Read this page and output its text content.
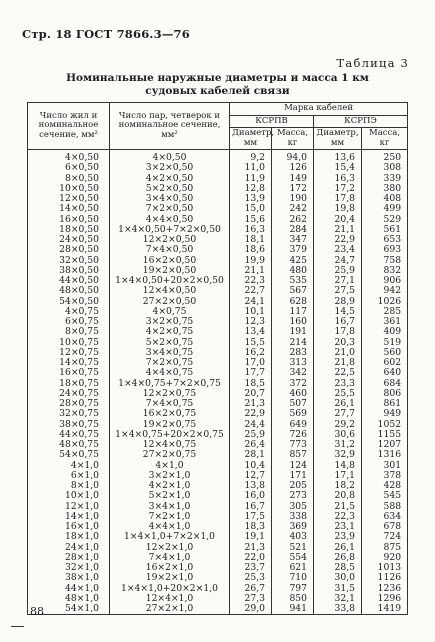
Стр. 18 ГОСТ 7866.3—76
Таблица 3
Номинальные наружные диаметры и масса 1 км
судовых кабелей связи
Число жил и номинальное сечение, мм²	Число пар, четверок и номинальное сечение, мм²	Марка кабелей			
		КСРПВ		КСРПЭ	
		Диаметр, мм	Масса, кг	Диаметр, мм	Масса, кг
4×0,50	4×0,50	9,2	94,0	13,6	250
6×0,50	3×2×0,50	11,0	126	15,4	308
8×0,50	4×2×0,50	11,9	149	16,3	339
10×0,50	5×2×0,50	12,8	172	17,2	380
12×0,50	3×4×0,50	13,9	190	17,8	408
14×0,50	7×2×0,50	15,0	242	19,8	499
16×0,50	4×4×0,50	15,6	262	20,4	529
18×0,50	1×4×0,50+7×2×0,50	16,3	284	21,1	561
24×0,50	12×2×0,50	18,1	347	22,9	653
28×0,50	7×4×0,50	18,6	379	23,4	693
32×0,50	16×2×0,50	19,9	425	24,7	758
38×0,50	19×2×0,50	21,1	480	25,9	832
44×0,50	1×4×0,50+20×2×0,50	22,3	535	27,1	906
48×0,50	12×4×0,50	22,7	567	27,5	942
54×0,50	27×2×0,50	24,1	628	28,9	1026
4×0,75	4×0,75	10,1	117	14,5	285
6×0,75	3×2×0,75	12,3	160	16,7	361
8×0,75	4×2×0,75	13,4	191	17,8	409
10×0,75	5×2×0,75	15,5	214	20,3	519
12×0,75	3×4×0,75	16,2	283	21,0	560
14×0,75	7×2×0,75	17,0	313	21,8	602
16×0,75	4×4×0,75	17,7	342	22,5	640
18×0,75	1×4×0,75+7×2×0,75	18,5	372	23,3	684
24×0,75	12×2×0,75	20,7	460	25,5	806
28×0,75	7×4×0,75	21,3	507	26,1	861
32×0,75	16×2×0,75	22,9	569	27,7	949
38×0,75	19×2×0,75	24,4	649	29,2	1052
44×0,75	1×4×0,75+20×2×0,75	25,9	726	30,6	1155
48×0,75	12×4×0,75	26,4	773	31,2	1207
54×0,75	27×2×0,75	28,1	857	32,9	1316
4×1,0	4×1,0	10,4	124	14,8	301
6×1,0	3×2×1,0	12,7	171	17,1	378
8×1,0	4×2×1,0	13,8	205	18,2	428
10×1,0	5×2×1,0	16,0	273	20,8	545
12×1,0	3×4×1,0	16,7	305	21,5	588
14×1,0	7×2×1,0	17,5	338	22,3	634
16×1,0	4×4×1,0	18,3	369	23,1	678
18×1,0	1×4×1,0+7×2×1,0	19,1	403	23,9	724
24×1,0	12×2×1,0	21,3	521	26,1	875
28×1,0	7×4×1,0	22,0	554	26,8	920
32×1,0	16×2×1,0	23,7	621	28,5	1013
38×1,0	19×2×1,0	25,3	710	30,0	1126
44×1,0	1×4×1,0+20×2×1,0	26,7	797	31,5	1236
48×1,0	12×4×1,0	27,3	850	32,1	1296
54×1,0	27×2×1,0	29,0	941	33,8	1419
88
